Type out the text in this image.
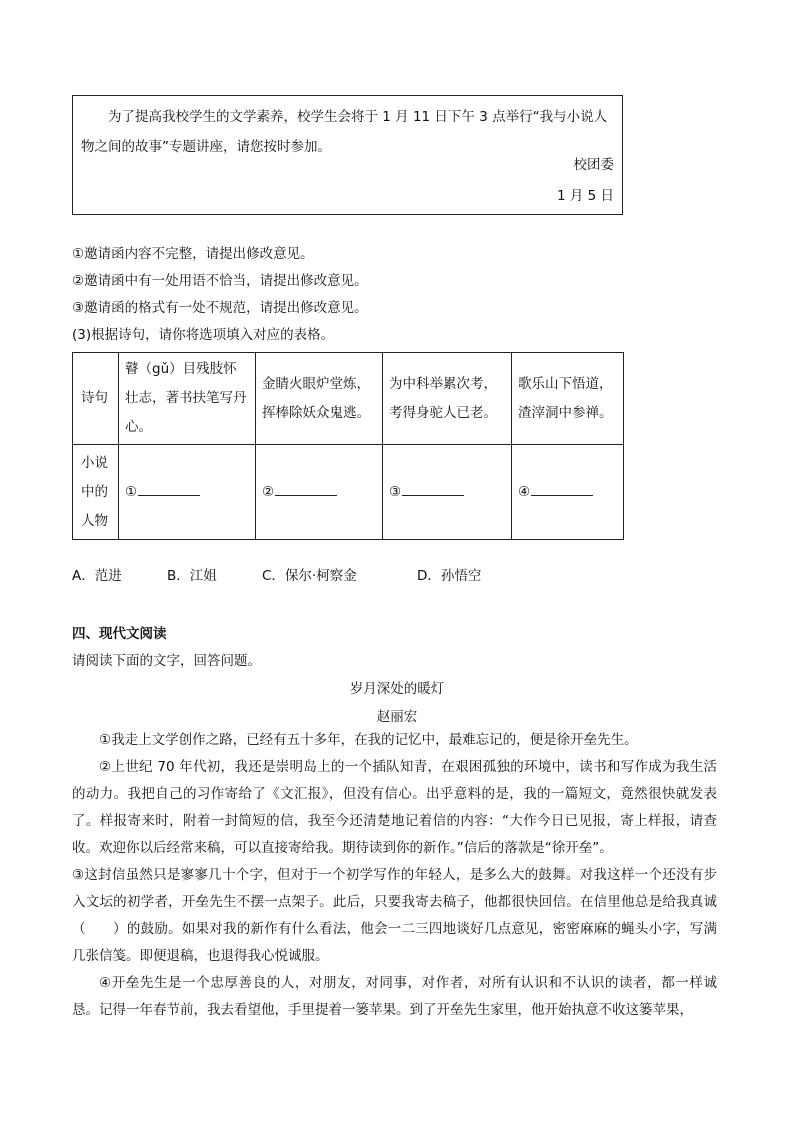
为了提高我校学生的文学素养，校学生会将于 1 月 11 日下午 3 点举行“我与小说人物之间的故事”专题讲座，请您按时参加。
校团委
1 月 5 日
①邀请函内容不完整，请提出修改意见。
②邀请函中有一处用语不恰当，请提出修改意见。
③邀请函的格式有一处不规范，请提出修改意见。
(3)根据诗句，请你将选项填入对应的表格。
诗句	瞽（gǔ）目残肢怀壮志，著书扶笔写丹心。	金睛火眼炉堂炼，挥棒除妖众鬼逃。	为中科举累次考，考得身驼人已老。	歌乐山下悟道，渣滓洞中参禅。
小说中的人物	①	②	③	④
A．范进	B．江姐	C．保尔·柯察金	D．孙悟空
四、现代文阅读
请阅读下面的文字，回答问题。
岁月深处的暖灯
赵丽宏

①我走上文学创作之路，已经有五十多年，在我的记忆中，最难忘记的，便是徐开垒先生。

②上世纪 70 年代初，我还是崇明岛上的一个插队知青，在艰困孤独的环境中，读书和写作成为我生活的动力。我把自己的习作寄给了《文汇报》，但没有信心。出乎意料的是，我的一篇短文，竟然很快就发表了。样报寄来时，附着一封简短的信，我至今还清楚地记着信的内容：“大作今日已见报，寄上样报，请查收。欢迎你以后经常来稿，可以直接寄给我。期待读到你的新作。”信后的落款是“徐开垒”。

③这封信虽然只是寥寥几十个字，但对于一个初学写作的年轻人，是多么大的鼓舞。对我这样一个还没有步入文坛的初学者，开垒先生不摆一点架子。此后，只要我寄去稿子，他都很快回信。在信里他总是给我真诚（　　）的鼓励。如果对我的新作有什么看法，他会一二三四地谈好几点意见，密密麻麻的蝇头小字，写满几张信笺。即便退稿，也退得我心悦诚服。

④开垒先生是一个忠厚善良的人，对朋友，对同事，对作者，对所有认识和不认识的读者，都一样诚恳。记得一年春节前，我去看望他，手里提着一篓苹果。到了开垒先生家里，他开始执意不收这篓苹果，
